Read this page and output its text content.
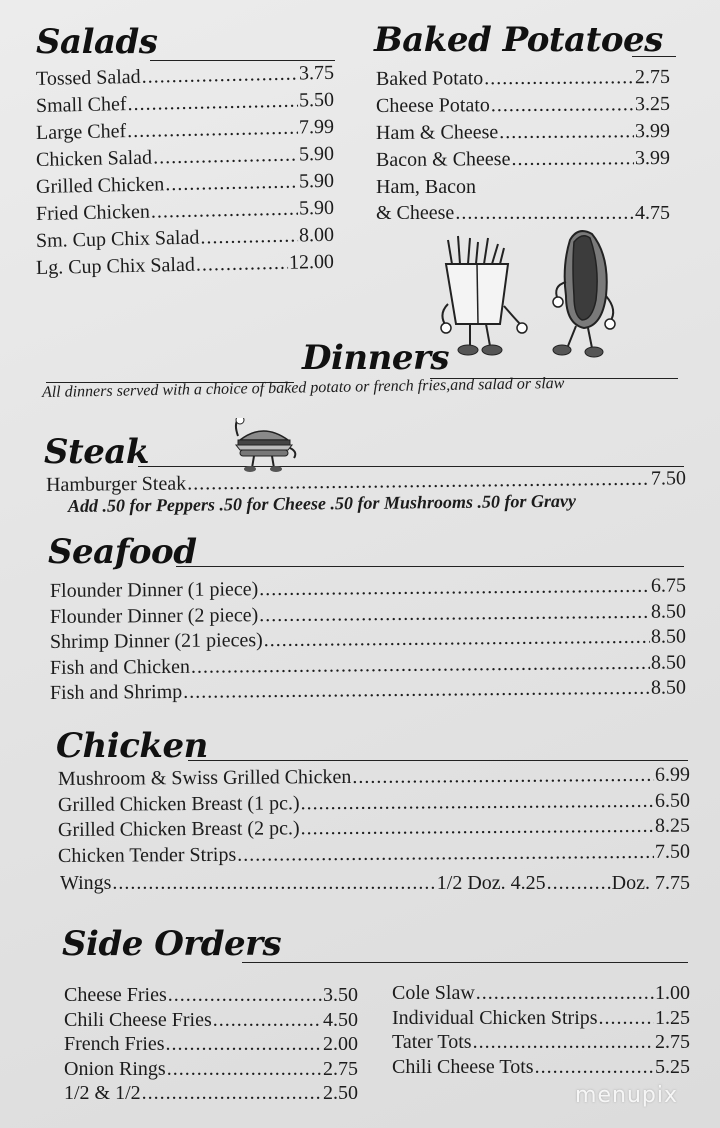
Salads
Tossed Salad .....	3.75
Small Chef .....	5.50
Large Chef .....	7.99
Chicken Salad .....	5.90
Grilled Chicken .....	5.90
Fried Chicken .....	5.90
Sm. Cup Chix Salad .....	8.00
Lg. Cup Chix Salad .....	12.00
Baked Potatoes
Baked Potato .....	2.75
Cheese Potato .....	3.25
Ham & Cheese .....	3.99
Bacon & Cheese .....	3.99
Ham, Bacon
& Cheese .....	4.75
Dinners
All dinners served with a choice of baked potato or french fries,and salad or slaw
Steak
Hamburger Steak .....	7.50
Add .50 for Peppers .50 for Cheese .50 for Mushrooms .50 for Gravy
Seafood
Flounder Dinner (1 piece) .....	6.75
Flounder Dinner (2 piece) .....	8.50
Shrimp Dinner (21 pieces) .....	8.50
Fish and Chicken .....	8.50
Fish and Shrimp .....	8.50
Chicken
Mushroom & Swiss Grilled Chicken .....	6.99
Grilled Chicken Breast (1 pc.) .....	6.50
Grilled Chicken Breast (2 pc.) .....	8.25
Chicken Tender Strips .....	7.50
Wings .....	1/2 Doz. 4.25 .....	Doz. 7.75
Side Orders
Cheese Fries .....	3.50
Chili Cheese Fries .....	4.50
French Fries .....	2.00
Onion Rings .....	2.75
1/2 & 1/2 .....	2.50
Cole Slaw .....	1.00
Individual Chicken Strips .....	1.25
Tater Tots .....	2.75
Chili Cheese Tots .....	5.25
menupix
